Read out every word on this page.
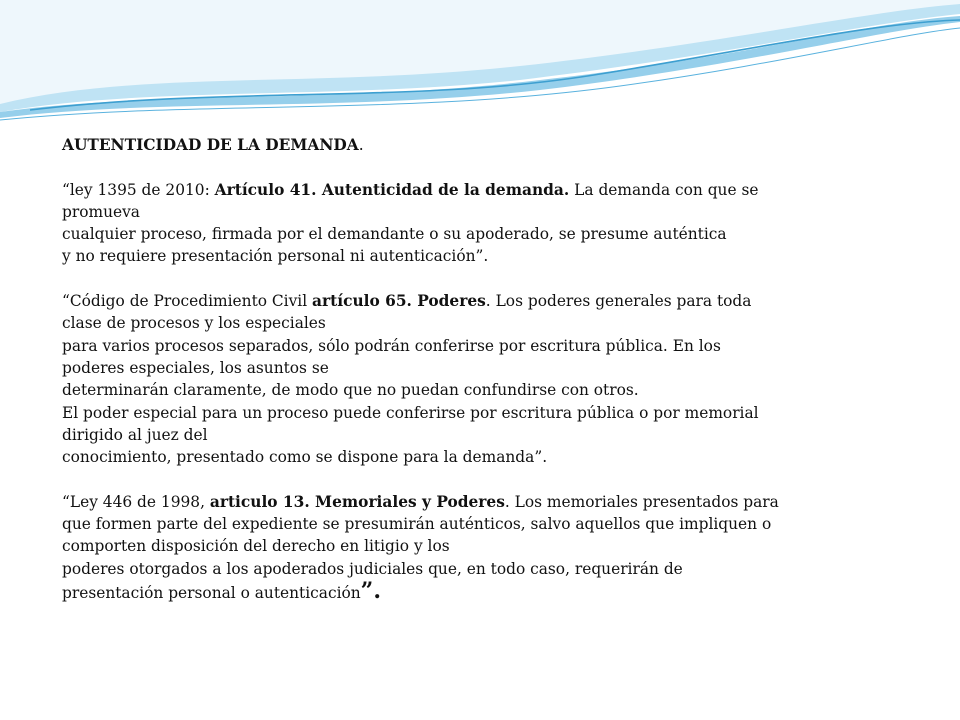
AUTENTICIDAD DE LA DEMANDA.
“ley 1395 de 2010: Artículo 41. Autenticidad de la demanda. La demanda con que se
promueva
cualquier proceso, firmada por el demandante o su apoderado, se presume auténtica
y no requiere presentación personal ni autenticación”.
“Código de Procedimiento Civil artículo 65. Poderes. Los poderes generales para toda
clase de procesos y los especiales
para varios procesos separados, sólo podrán conferirse por escritura pública. En los
poderes especiales, los asuntos se
determinarán claramente, de modo que no puedan confundirse con otros.
El poder especial para un proceso puede conferirse por escritura pública o por memorial
dirigido al juez del
conocimiento, presentado como se dispone para la demanda”.
“Ley 446 de 1998, articulo 13. Memoriales y Poderes. Los memoriales presentados para
que formen parte del expediente se presumirán auténticos, salvo aquellos que impliquen o
comporten disposición del derecho en litigio y los
poderes otorgados a los apoderados judiciales que, en todo caso, requerirán de
presentación personal o autenticación”.
